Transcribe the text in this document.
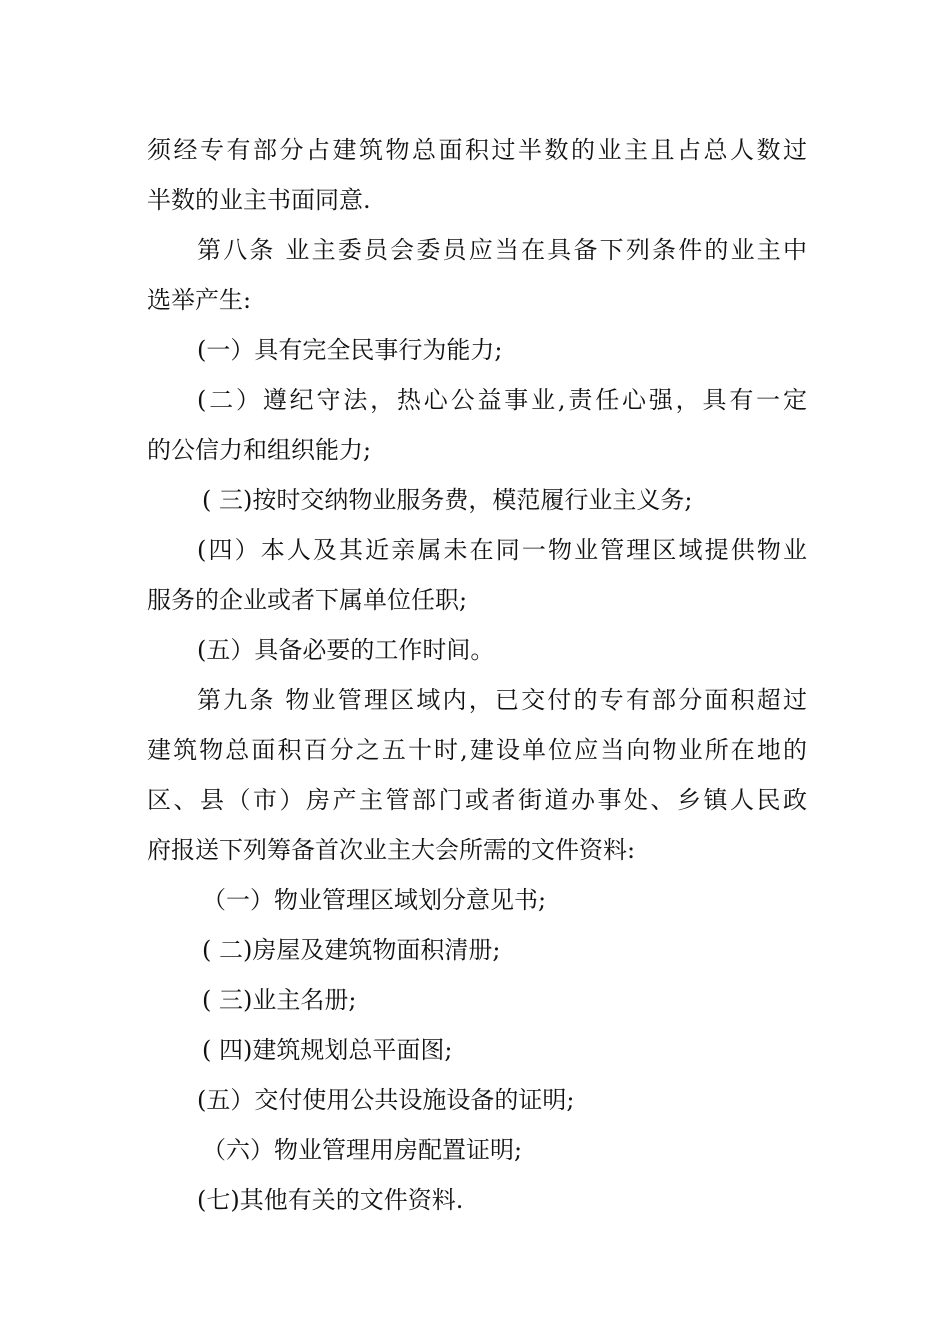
须经专有部分占建筑物总面积过半数的业主且占总人数过
半数的业主书面同意.
第八条 业主委员会委员应当在具备下列条件的业主中
选举产生:
(一）具有完全民事行为能力;
(二）遵纪守法，热心公益事业,责任心强，具有一定
的公信力和组织能力;
( 三)按时交纳物业服务费，模范履行业主义务;
(四）本人及其近亲属未在同一物业管理区域提供物业
服务的企业或者下属单位任职;
(五）具备必要的工作时间。
第九条 物业管理区域内，已交付的专有部分面积超过
建筑物总面积百分之五十时,建设单位应当向物业所在地的
区、县（市）房产主管部门或者街道办事处、乡镇人民政
府报送下列筹备首次业主大会所需的文件资料:
（一）物业管理区域划分意见书;
( 二)房屋及建筑物面积清册;
( 三)业主名册;
( 四)建筑规划总平面图;
(五）交付使用公共设施设备的证明;
（六）物业管理用房配置证明;
(七)其他有关的文件资料.
